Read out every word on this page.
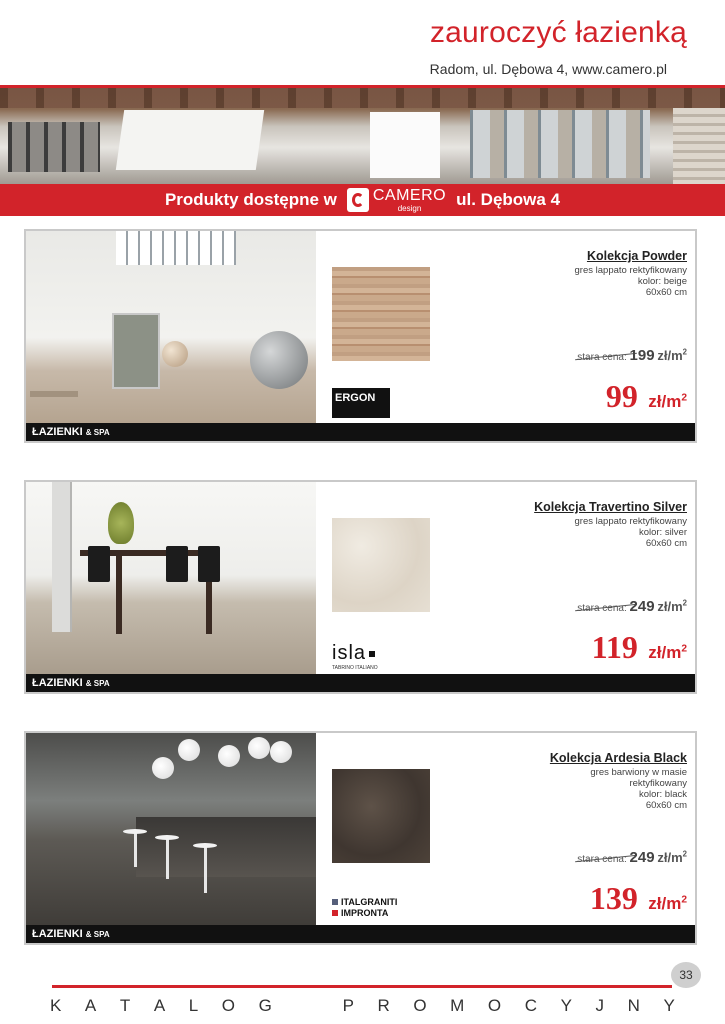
zauroczyć łazienką
Radom, ul. Dębowa 4, www.camero.pl
Produkty dostępne w CAMERO
design	ul. Dębowa 4
ERGON
Kolekcja Powder
gres lappato rektyfikowany
kolor: beige
60x60 cm
stara cena: 199 $zł/m^2$
99 $zł/m^2$
ŁAZIENKI & SPA
isla
TABRINO ITALIANO
Kolekcja Travertino Silver
gres lappato rektyfikowany
kolor: silver
60x60 cm
stara cena: 249 $zł/m^2$
119 $zł/m^2$
ŁAZIENKI & SPA
ITALGRANITI
IMPRONTA
Kolekcja Ardesia Black
gres barwiony w masie
rektyfikowany
kolor: black
60x60 cm
stara cena: 249 $zł/m^2$
139 $zł/m^2$
ŁAZIENKI & SPA
33
K A T A L O G	P R O M O C Y J N Y
